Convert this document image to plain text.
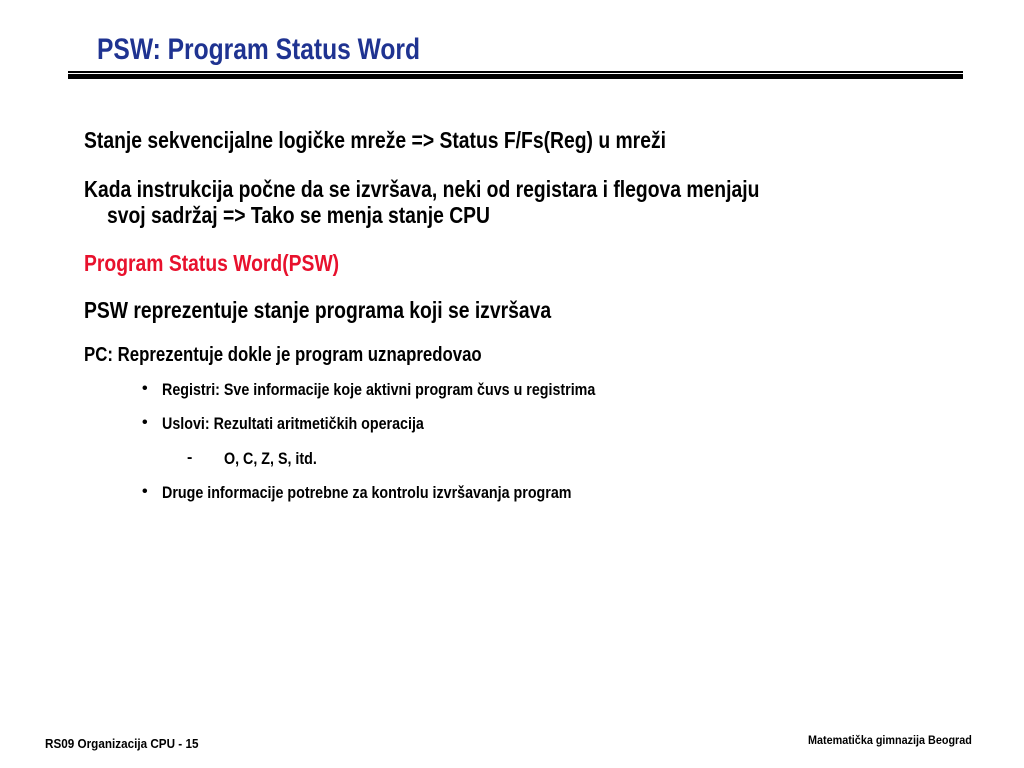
PSW: Program Status Word
Stanje sekvencijalne logičke mreže => Status F/Fs(Reg) u mreži
Kada instrukcija počne da se izvršava, neki od registara i flegova menjaju
svoj sadržaj => Tako se menja stanje CPU
Program Status Word(PSW)
PSW reprezentuje stanje programa koji se izvršava
PC: Reprezentuje dokle je program uznapredovao
• Registri: Sve informacije koje aktivni program čuvs u registrima
• Uslovi: Rezultati aritmetičkih operacija
- O, C, Z, S, itd.
• Druge informacije potrebne za kontrolu izvršavanja program
RS09 Organizacija CPU - 15	Matematička gimnazija Beograd
